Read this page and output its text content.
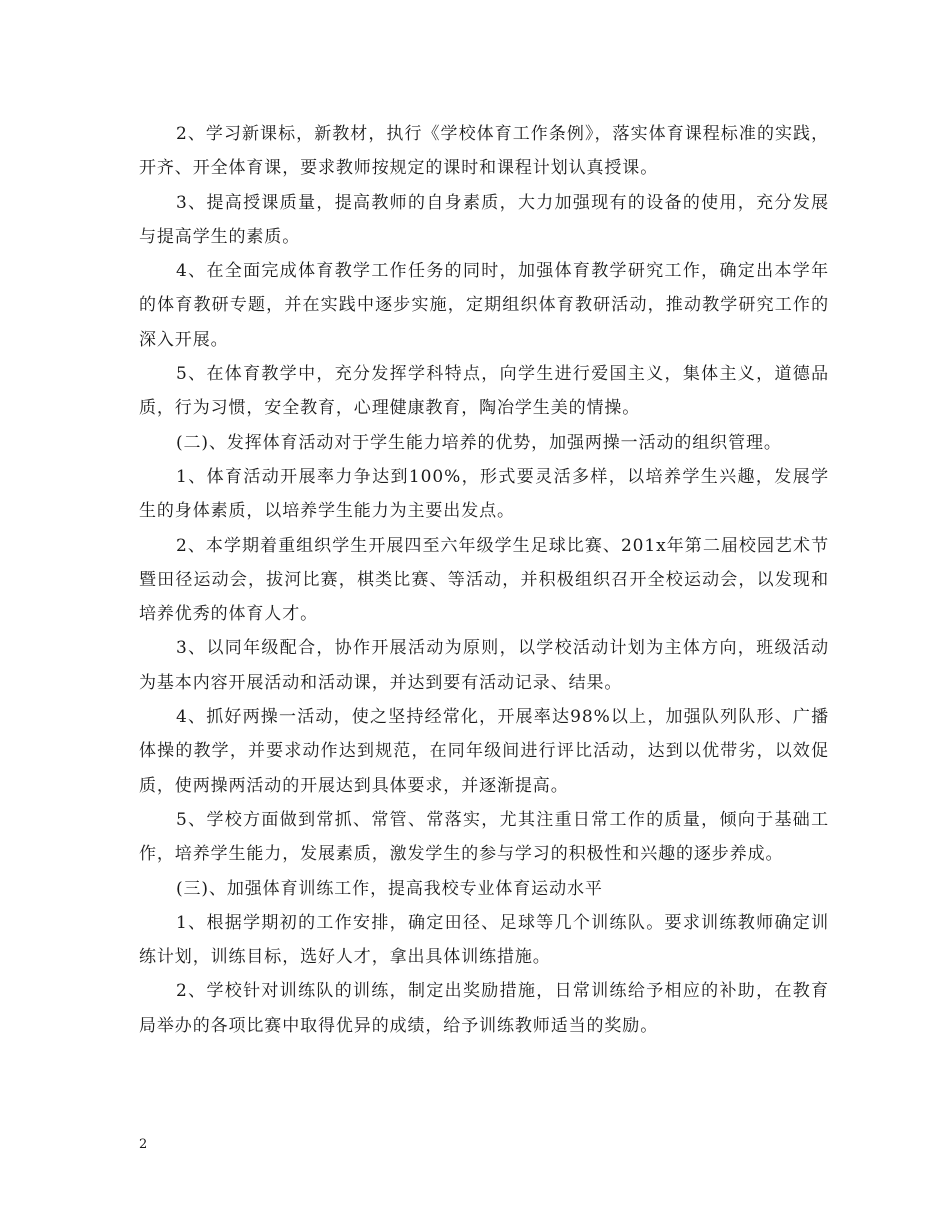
2、学习新课标，新教材，执行《学校体育工作条例》，落实体育课程标准的实践，开齐、开全体育课，要求教师按规定的课时和课程计划认真授课。

3、提高授课质量，提高教师的自身素质，大力加强现有的设备的使用，充分发展与提高学生的素质。

4、在全面完成体育教学工作任务的同时，加强体育教学研究工作，确定出本学年的体育教研专题，并在实践中逐步实施，定期组织体育教研活动，推动教学研究工作的深入开展。

5、在体育教学中，充分发挥学科特点，向学生进行爱国主义，集体主义，道德品质，行为习惯，安全教育，心理健康教育，陶冶学生美的情操。

(二)、发挥体育活动对于学生能力培养的优势，加强两操一活动的组织管理。

1、体育活动开展率力争达到100%，形式要灵活多样，以培养学生兴趣，发展学生的身体素质，以培养学生能力为主要出发点。

2、本学期着重组织学生开展四至六年级学生足球比赛、201x年第二届校园艺术节暨田径运动会，拔河比赛，棋类比赛、等活动，并积极组织召开全校运动会，以发现和培养优秀的体育人才。

3、以同年级配合，协作开展活动为原则，以学校活动计划为主体方向，班级活动为基本内容开展活动和活动课，并达到要有活动记录、结果。

4、抓好两操一活动，使之坚持经常化，开展率达98%以上，加强队列队形、广播体操的教学，并要求动作达到规范，在同年级间进行评比活动，达到以优带劣，以效促质，使两操两活动的开展达到具体要求，并逐渐提高。

5、学校方面做到常抓、常管、常落实，尤其注重日常工作的质量，倾向于基础工作，培养学生能力，发展素质，激发学生的参与学习的积极性和兴趣的逐步养成。

(三)、加强体育训练工作，提高我校专业体育运动水平

1、根据学期初的工作安排，确定田径、足球等几个训练队。要求训练教师确定训练计划，训练目标，选好人才，拿出具体训练措施。

2、学校针对训练队的训练，制定出奖励措施，日常训练给予相应的补助，在教育局举办的各项比赛中取得优异的成绩，给予训练教师适当的奖励。

2
